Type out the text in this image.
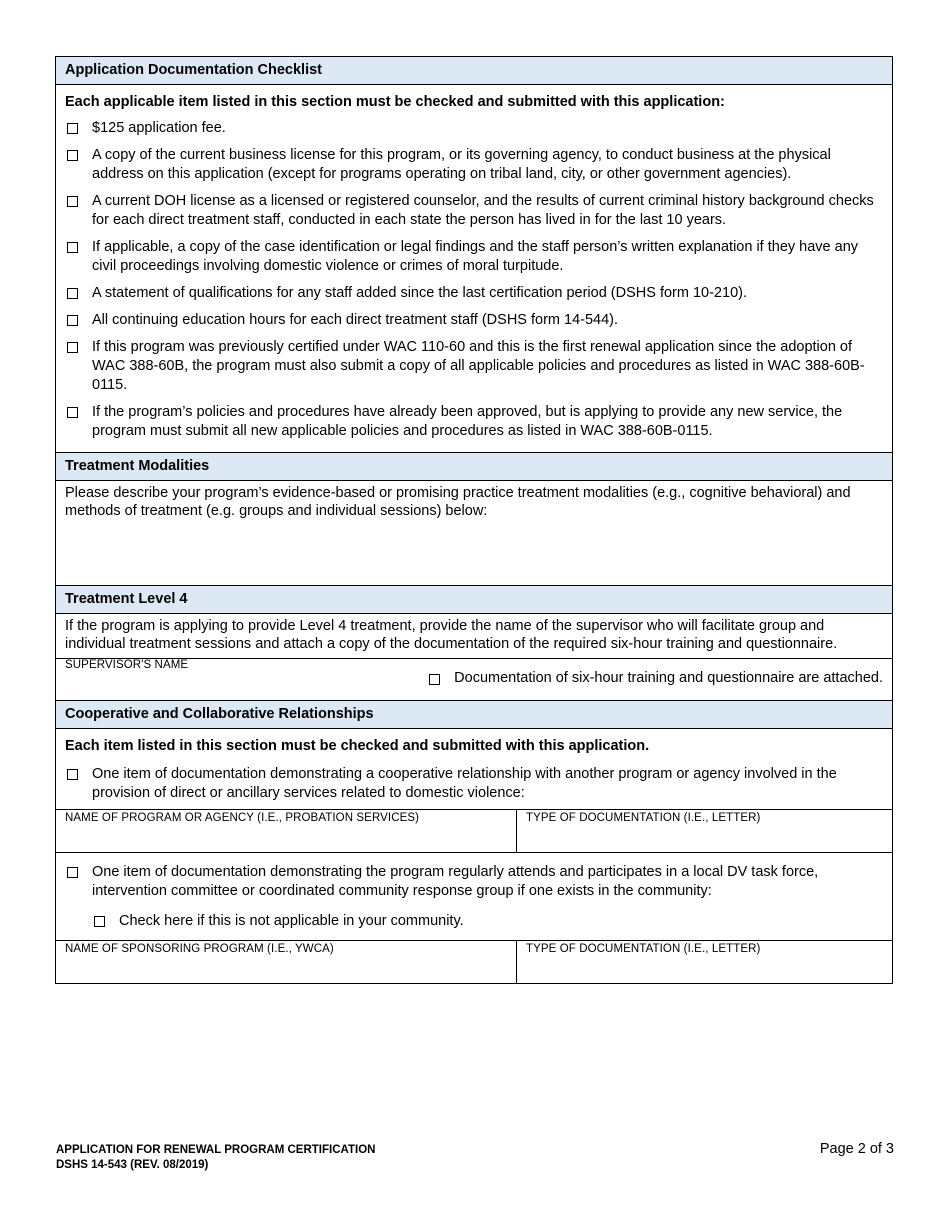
Application Documentation Checklist
Each applicable item listed in this section must be checked and submitted with this application:
$125 application fee.
A copy of the current business license for this program, or its governing agency, to conduct business at the physical address on this application (except for programs operating on tribal land, city, or other government agencies).
A current DOH license as a licensed or registered counselor, and the results of current criminal history background checks for each direct treatment staff, conducted in each state the person has lived in for the last 10 years.
If applicable, a copy of the case identification or legal findings and the staff person’s written explanation if they have any civil proceedings involving domestic violence or crimes of moral turpitude.
A statement of qualifications for any staff added since the last certification period (DSHS form 10-210).
All continuing education hours for each direct treatment staff (DSHS form 14-544).
If this program was previously certified under WAC 110-60 and this is the first renewal application since the adoption of WAC 388-60B, the program must also submit a copy of all applicable policies and procedures as listed in WAC 388-60B-0115.
If the program’s policies and procedures have already been approved, but is applying to provide any new service, the program must submit all new applicable policies and procedures as listed in WAC 388-60B-0115.
Treatment Modalities
Please describe your program’s evidence-based or promising practice treatment modalities (e.g., cognitive behavioral) and methods of treatment (e.g. groups and individual sessions) below:
Treatment Level 4
If the program is applying to provide Level 4 treatment, provide the name of the supervisor who will facilitate group and individual treatment sessions and attach a copy of the documentation of the required six-hour training and questionnaire.
SUPERVISOR'S NAME
Documentation of six-hour training and questionnaire are attached.
Cooperative and Collaborative Relationships
Each item listed in this section must be checked and submitted with this application.
One item of documentation demonstrating a cooperative relationship with another program or agency involved in the provision of direct or ancillary services related to domestic violence:
NAME OF PROGRAM OR AGENCY (I.E., PROBATION SERVICES)	TYPE OF DOCUMENTATION (I.E., LETTER)
One item of documentation demonstrating the program regularly attends and participates in a local DV task force, intervention committee or coordinated community response group if one exists in the community:
Check here if this is not applicable in your community.
NAME OF SPONSORING PROGRAM (I.E., YWCA)	TYPE OF DOCUMENTATION (I.E., LETTER)
APPLICATION FOR RENEWAL PROGRAM CERTIFICATION
DSHS 14-543 (REV. 08/2019)
Page 2 of 3
